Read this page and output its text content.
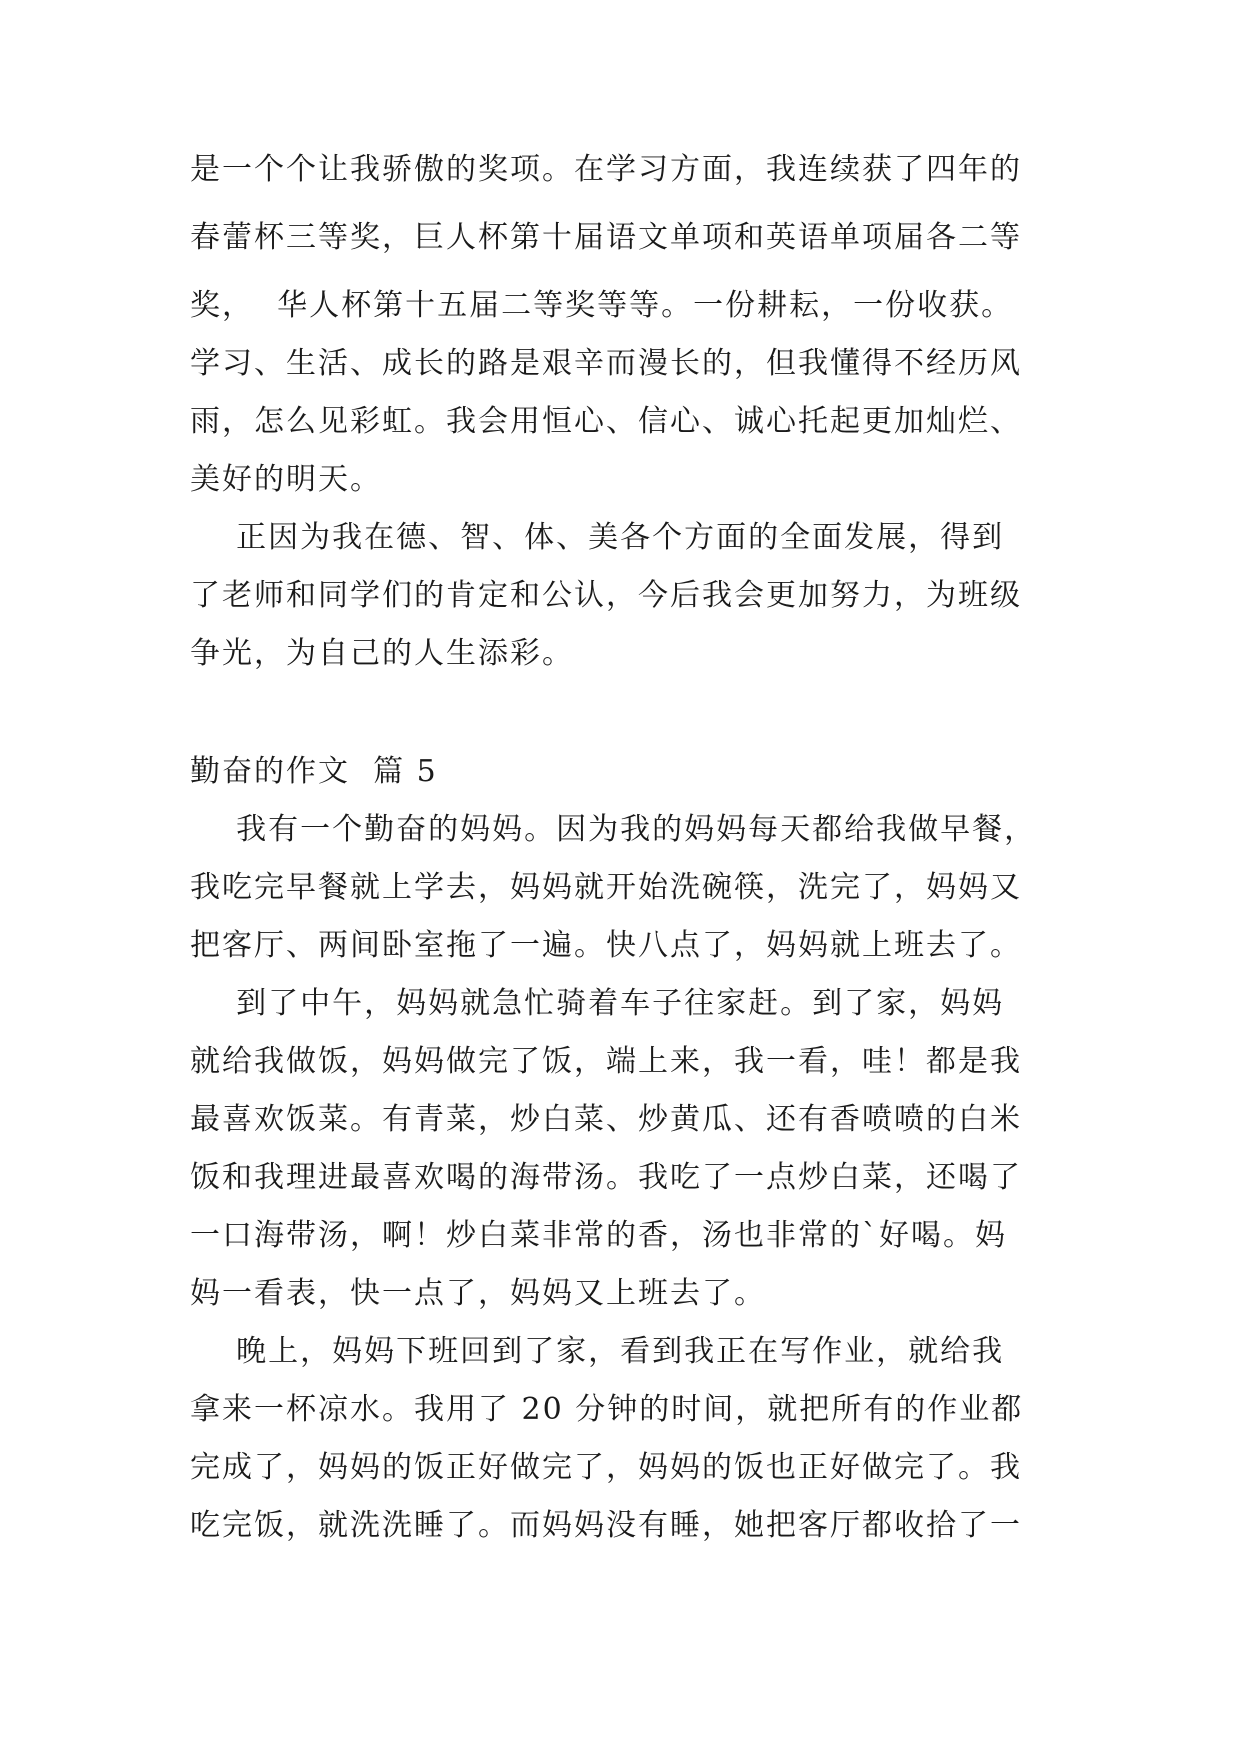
是一个个让我骄傲的奖项。在学习方面，我连续获了四年的
春蕾杯三等奖，巨人杯第十届语文单项和英语单项届各二等
奖，  华人杯第十五届二等奖等等。一份耕耘，一份收获。
学习、生活、成长的路是艰辛而漫长的，但我懂得不经历风
雨，怎么见彩虹。我会用恒心、信心、诚心托起更加灿烂、
美好的明天。
正因为我在德、智、体、美各个方面的全面发展，得到
了老师和同学们的肯定和公认，今后我会更加努力，为班级
争光，为自己的人生添彩。
勤奋的作文  篇 5
我有一个勤奋的妈妈。因为我的妈妈每天都给我做早餐，
我吃完早餐就上学去，妈妈就开始洗碗筷，洗完了，妈妈又
把客厅、两间卧室拖了一遍。快八点了，妈妈就上班去了。
到了中午，妈妈就急忙骑着车子往家赶。到了家，妈妈
就给我做饭，妈妈做完了饭，端上来，我一看，哇！都是我
最喜欢饭菜。有青菜，炒白菜、炒黄瓜、还有香喷喷的白米
饭和我理进最喜欢喝的海带汤。我吃了一点炒白菜，还喝了
一口海带汤，啊！炒白菜非常的香，汤也非常的`好喝。妈
妈一看表，快一点了，妈妈又上班去了。
晚上，妈妈下班回到了家，看到我正在写作业，就给我
拿来一杯凉水。我用了 20 分钟的时间，就把所有的作业都
完成了，妈妈的饭正好做完了，妈妈的饭也正好做完了。我
吃完饭，就洗洗睡了。而妈妈没有睡，她把客厅都收拾了一
